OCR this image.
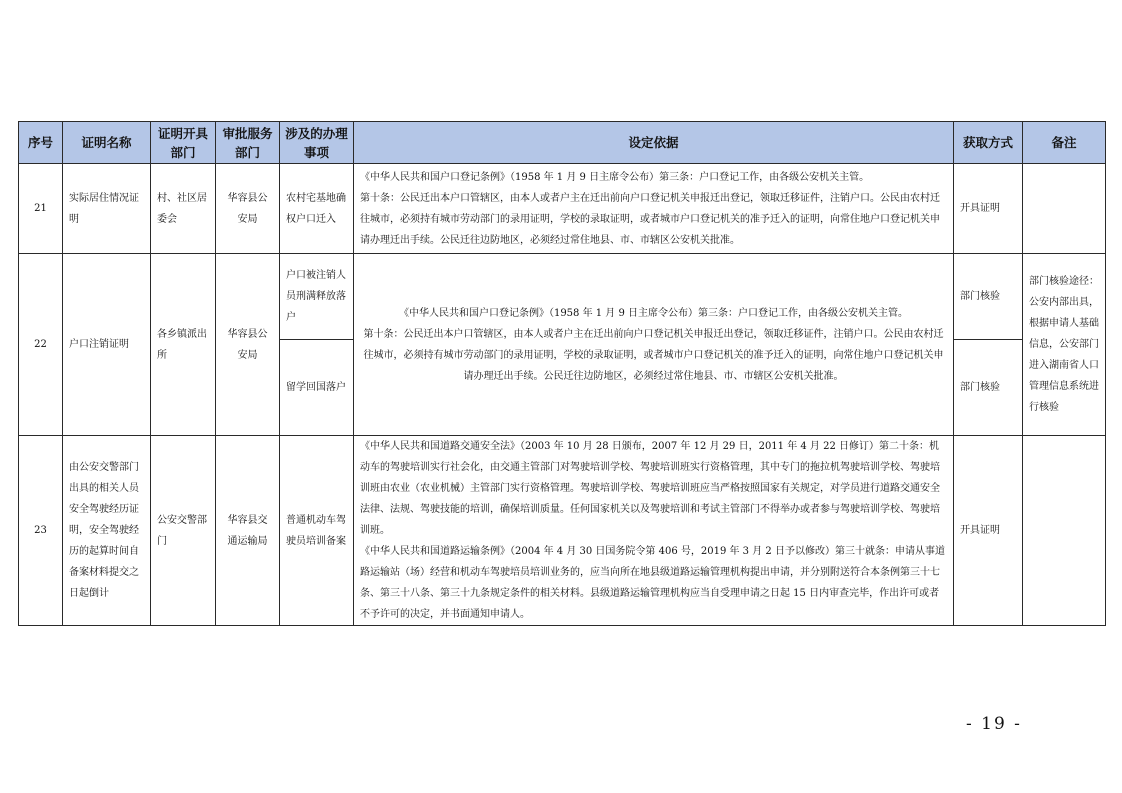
序号	证明名称	证明开具部门	审批服务部门	涉及的办理事项	设定依据	获取方式	备注
21	实际居住情况证明	村、社区居委会	华容县公安局	农村宅基地确权户口迁入	《中华人民共和国户口登记条例》（1958 年 1 月 9 日主席令公布）第三条：户口登记工作，由各级公安机关主管。

第十条：公民迁出本户口管辖区，由本人或者户主在迁出前向户口登记机关申报迁出登记，领取迁移证件，注销户口。公民由农村迁往城市，必须持有城市劳动部门的录用证明，学校的录取证明，或者城市户口登记机关的准予迁入的证明，向常住地户口登记机关申请办理迁出手续。公民迁往边防地区，必须经过常住地县、市、市辖区公安机关批准。	开具证明	
22	户口注销证明	各乡镇派出所	华容县公安局	户口被注销人员刑满释放落户	《中华人民共和国户口登记条例》（1958 年 1 月 9 日主席令公布）第三条：户口登记工作，由各级公安机关主管。

第十条：公民迁出本户口管辖区，由本人或者户主在迁出前向户口登记机关申报迁出登记，领取迁移证件，注销户口。公民由农村迁往城市，必须持有城市劳动部门的录用证明，学校的录取证明，或者城市户口登记机关的准予迁入的证明，向常住地户口登记机关申请办理迁出手续。公民迁往边防地区，必须经过常住地县、市、市辖区公安机关批准。	部门核验	部门核验途径：公安内部出具，根据申请人基础信息，公安部门进入湖南省人口管理信息系统进行核验
				留学回国落户		部门核验	
23	由公安交警部门出具的相关人员安全驾驶经历证明，安全驾驶经历的起算时间自备案材料提交之日起倒计	公安交警部门	华容县交通运输局	普通机动车驾驶员培训备案	《中华人民共和国道路交通安全法》（2003 年 10 月 28 日颁布，2007 年 12 月 29 日，2011 年 4 月 22 日修订）第二十条：机动车的驾驶培训实行社会化，由交通主管部门对驾驶培训学校、驾驶培训班实行资格管理，其中专门的拖拉机驾驶培训学校、驾驶培训班由农业（农业机械）主管部门实行资格管理。驾驶培训学校、驾驶培训班应当严格按照国家有关规定，对学员进行道路交通安全法律、法规、驾驶技能的培训，确保培训质量。任何国家机关以及驾驶培训和考试主管部门不得举办或者参与驾驶培训学校、驾驶培训班。

《中华人民共和国道路运输条例》（2004 年 4 月 30 日国务院令第 406 号，2019 年 3 月 2 日予以修改）第三十就条：申请从事道路运输站（场）经营和机动车驾驶培员培训业务的，应当向所在地县级道路运输管理机构提出申请，并分别附送符合本条例第三十七条、第三十八条、第三十九条规定条件的相关材料。县级道路运输管理机构应当自受理申请之日起 15 日内审查完毕，作出许可或者不予许可的决定，并书面通知申请人。	开具证明	
- 19 -
